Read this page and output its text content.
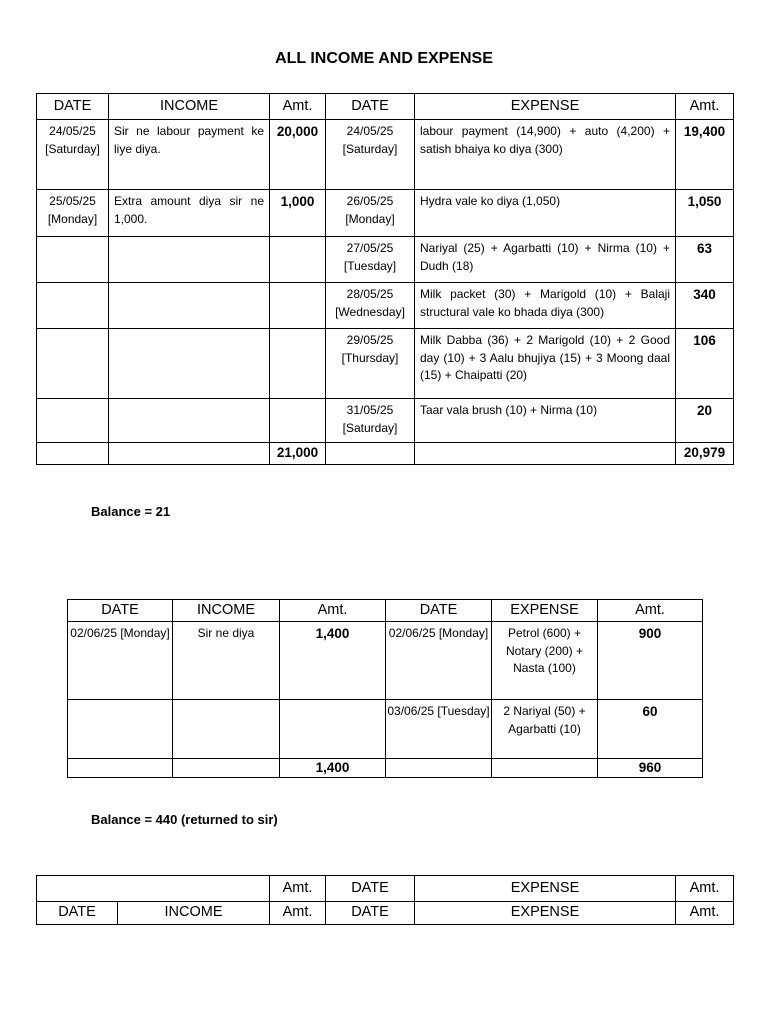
ALL INCOME AND EXPENSE
DATE	INCOME	Amt.	DATE	EXPENSE	Amt.
24/05/25 [Saturday]	Sir ne labour payment ke liye diya.	20,000	24/05/25 [Saturday]	labour payment (14,900) + auto (4,200) + satish bhaiya ko diya (300)	19,400
25/05/25 [Monday]	Extra amount diya sir ne 1,000.	1,000	26/05/25 [Monday]	Hydra vale ko diya (1,050)	1,050
			27/05/25 [Tuesday]	Nariyal (25) + Agarbatti (10) + Nirma (10) + Dudh (18)	63
			28/05/25 [Wednesday]	Milk packet (30) + Marigold (10) + Balaji structural vale ko bhada diya (300)	340
			29/05/25 [Thursday]	Milk Dabba (36) + 2 Marigold (10) + 2 Good day (10) + 3 Aalu bhujiya (15) + 3 Moong daal (15) + Chaipatti (20)	106
			31/05/25 [Saturday]	Taar vala brush (10) + Nirma (10)	20
		21,000			20,979
Balance = 21
DATE	INCOME	Amt.	DATE	EXPENSE	Amt.
02/06/25 [Monday]	Sir ne diya	1,400	02/06/25 [Monday]	Petrol (600) + Notary (200) + Nasta (100)	900
			03/06/25 [Tuesday]	2 Nariyal (50) + Agarbatti (10)	60
		1,400			960
Balance = 440 (returned to sir)
		Amt.	DATE	EXPENSE	Amt.
DATE	INCOME	Amt.	DATE	EXPENSE	Amt.
